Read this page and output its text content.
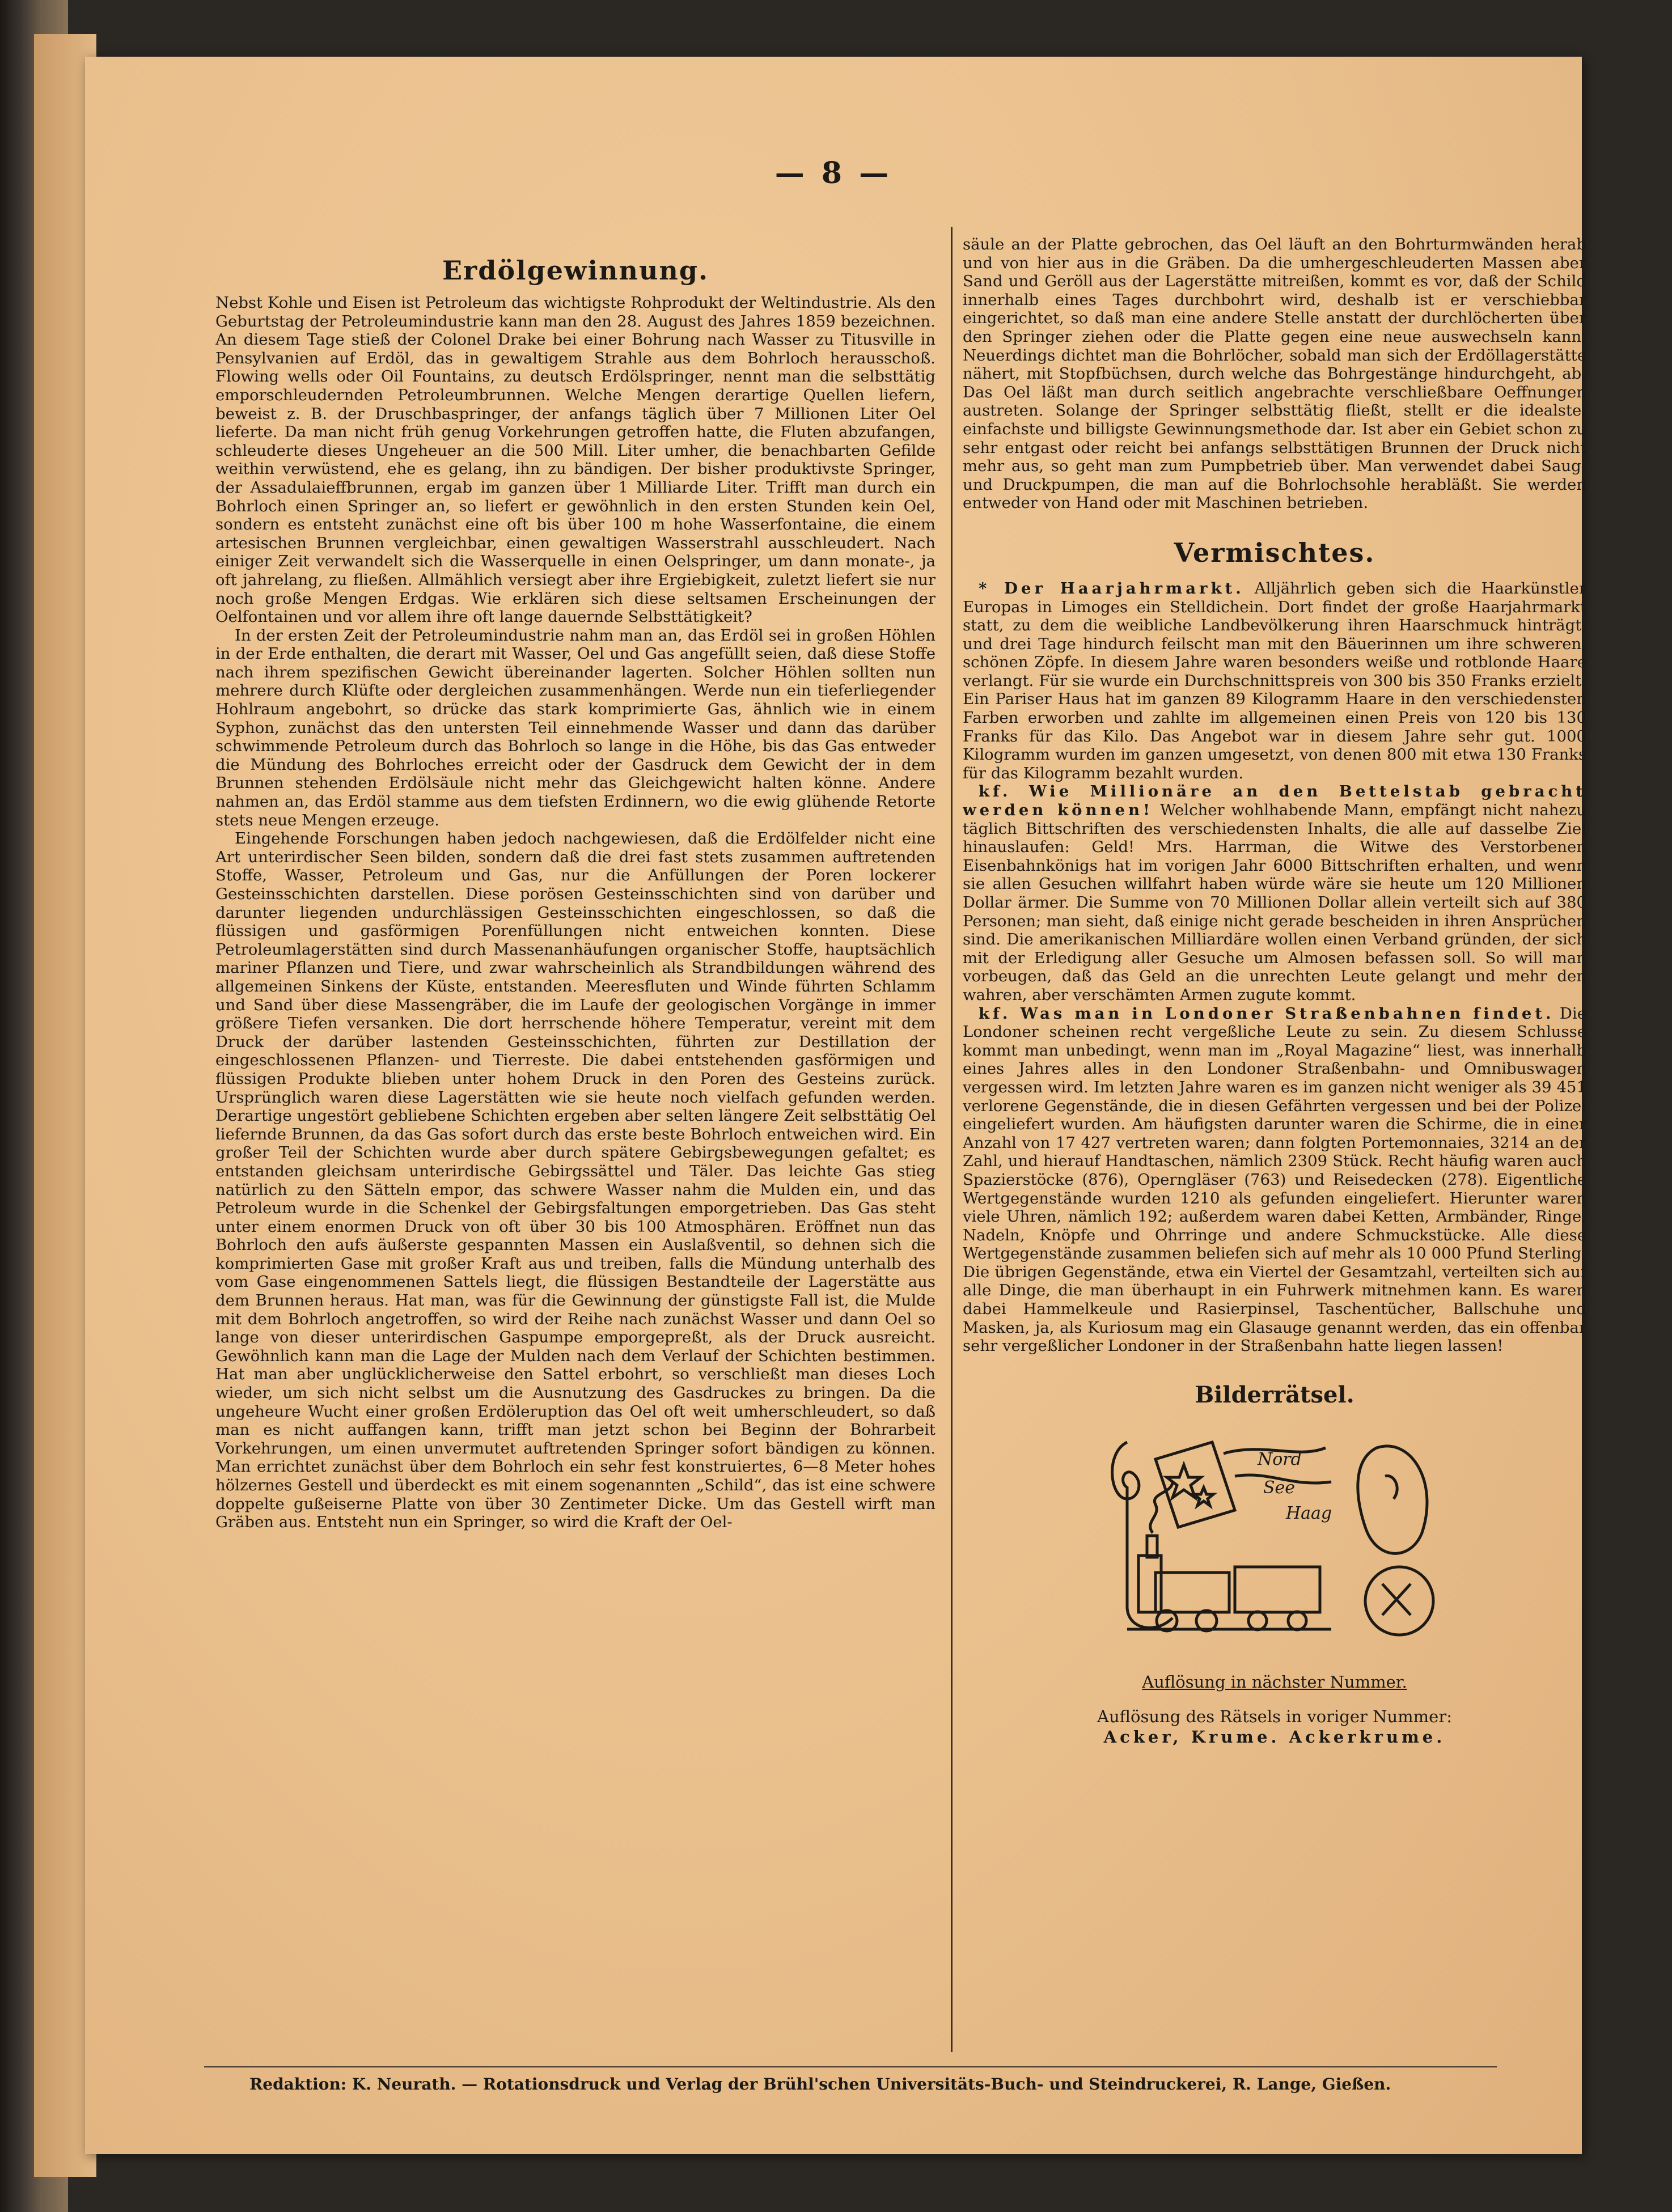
— 8 —
Erdölgewinnung.

Nebst Kohle und Eisen ist Petroleum das wichtigste Rohprodukt der Weltindustrie. Als den Geburtstag der Petroleumindustrie kann man den 28. August des Jahres 1859 bezeichnen. An diesem Tage stieß der Colonel Drake bei einer Bohrung nach Wasser zu Titusville in Pensylvanien auf Erdöl, das in gewaltigem Strahle aus dem Bohrloch herausschoß. Flowing wells oder Oil Fountains, zu deutsch Erdölspringer, nennt man die selbsttätig emporschleudernden Petroleumbrunnen. Welche Mengen derartige Quellen liefern, beweist z. B. der Druschbaspringer, der anfangs täglich über 7 Millionen Liter Oel lieferte. Da man nicht früh genug Vorkehrungen getroffen hatte, die Fluten abzufangen, schleuderte dieses Ungeheuer an die 500 Mill. Liter umher, die benachbarten Gefilde weithin verwüstend, ehe es gelang, ihn zu bändigen. Der bisher produktivste Springer, der Assadulaieffbrunnen, ergab im ganzen über 1 Milliarde Liter. Trifft man durch ein Bohrloch einen Springer an, so liefert er gewöhnlich in den ersten Stunden kein Oel, sondern es entsteht zunächst eine oft bis über 100 m hohe Wasserfontaine, die einem artesischen Brunnen vergleichbar, einen gewaltigen Wasserstrahl ausschleudert. Nach einiger Zeit verwandelt sich die Wasserquelle in einen Oelspringer, um dann monate-, ja oft jahrelang, zu fließen. Allmählich versiegt aber ihre Ergiebigkeit, zuletzt liefert sie nur noch große Mengen Erdgas. Wie erklären sich diese seltsamen Erscheinungen der Oelfontainen und vor allem ihre oft lange dauernde Selbsttätigkeit?

In der ersten Zeit der Petroleumindustrie nahm man an, das Erdöl sei in großen Höhlen in der Erde enthalten, die derart mit Wasser, Oel und Gas angefüllt seien, daß diese Stoffe nach ihrem spezifischen Gewicht übereinander lagerten. Solcher Höhlen sollten nun mehrere durch Klüfte oder dergleichen zusammenhängen. Werde nun ein tieferliegender Hohlraum angebohrt, so drücke das stark komprimierte Gas, ähnlich wie in einem Syphon, zunächst das den untersten Teil einnehmende Wasser und dann das darüber schwimmende Petroleum durch das Bohrloch so lange in die Höhe, bis das Gas entweder die Mündung des Bohrloches erreicht oder der Gasdruck dem Gewicht der in dem Brunnen stehenden Erdölsäule nicht mehr das Gleichgewicht halten könne. Andere nahmen an, das Erdöl stamme aus dem tiefsten Erdinnern, wo die ewig glühende Retorte stets neue Mengen erzeuge.

Eingehende Forschungen haben jedoch nachgewiesen, daß die Erdölfelder nicht eine Art unterirdischer Seen bilden, sondern daß die drei fast stets zusammen auftretenden Stoffe, Wasser, Petroleum und Gas, nur die Anfüllungen der Poren lockerer Gesteinsschichten darstellen. Diese porösen Gesteinsschichten sind von darüber und darunter liegenden undurchlässigen Gesteinsschichten eingeschlossen, so daß die flüssigen und gasförmigen Porenfüllungen nicht entweichen konnten. Diese Petroleumlagerstätten sind durch Massenanhäufungen organischer Stoffe, hauptsächlich mariner Pflanzen und Tiere, und zwar wahrscheinlich als Strandbildungen während des allgemeinen Sinkens der Küste, entstanden. Meeresfluten und Winde führten Schlamm und Sand über diese Massengräber, die im Laufe der geologischen Vorgänge in immer größere Tiefen versanken. Die dort herrschende höhere Temperatur, vereint mit dem Druck der darüber lastenden Gesteinsschichten, führten zur Destillation der eingeschlossenen Pflanzen- und Tierreste. Die dabei entstehenden gasförmigen und flüssigen Produkte blieben unter hohem Druck in den Poren des Gesteins zurück. Ursprünglich waren diese Lagerstätten wie sie heute noch vielfach gefunden werden. Derartige ungestört gebliebene Schichten ergeben aber selten längere Zeit selbsttätig Oel liefernde Brunnen, da das Gas sofort durch das erste beste Bohrloch entweichen wird. Ein großer Teil der Schichten wurde aber durch spätere Gebirgsbewegungen gefaltet; es entstanden gleichsam unterirdische Gebirgssättel und Täler. Das leichte Gas stieg natürlich zu den Sätteln empor, das schwere Wasser nahm die Mulden ein, und das Petroleum wurde in die Schenkel der Gebirgsfaltungen emporgetrieben. Das Gas steht unter einem enormen Druck von oft über 30 bis 100 Atmosphären. Eröffnet nun das Bohrloch den aufs äußerste gespannten Massen ein Auslaßventil, so dehnen sich die komprimierten Gase mit großer Kraft aus und treiben, falls die Mündung unterhalb des vom Gase eingenommenen Sattels liegt, die flüssigen Bestandteile der Lagerstätte aus dem Brunnen heraus. Hat man, was für die Gewinnung der günstigste Fall ist, die Mulde mit dem Bohrloch angetroffen, so wird der Reihe nach zunächst Wasser und dann Oel so lange von dieser unterirdischen Gaspumpe emporgepreßt, als der Druck ausreicht. Gewöhnlich kann man die Lage der Mulden nach dem Verlauf der Schichten bestimmen. Hat man aber unglücklicherweise den Sattel erbohrt, so verschließt man dieses Loch wieder, um sich nicht selbst um die Ausnutzung des Gasdruckes zu bringen. Da die ungeheure Wucht einer großen Erdöleruption das Oel oft weit umherschleudert, so daß man es nicht auffangen kann, trifft man jetzt schon bei Beginn der Bohrarbeit Vorkehrungen, um einen unvermutet auftretenden Springer sofort bändigen zu können. Man errichtet zunächst über dem Bohrloch ein sehr fest konstruiertes, 6—8 Meter hohes hölzernes Gestell und überdeckt es mit einem sogenannten „Schild“, das ist eine schwere doppelte gußeiserne Platte von über 30 Zentimeter Dicke. Um das Gestell wirft man Gräben aus. Entsteht nun ein Springer, so wird die Kraft der Oel-

säule an der Platte gebrochen, das Oel läuft an den Bohrturmwänden herab und von hier aus in die Gräben. Da die umhergeschleuderten Massen aber Sand und Geröll aus der Lagerstätte mitreißen, kommt es vor, daß der Schild innerhalb eines Tages durchbohrt wird, deshalb ist er verschiebbar eingerichtet, so daß man eine andere Stelle anstatt der durchlöcherten über den Springer ziehen oder die Platte gegen eine neue auswechseln kann. Neuerdings dichtet man die Bohrlöcher, sobald man sich der Erdöllagerstätte nähert, mit Stopfbüchsen, durch welche das Bohrgestänge hindurchgeht, ab. Das Oel läßt man durch seitlich angebrachte verschließbare Oeffnungen austreten. Solange der Springer selbsttätig fließt, stellt er die idealste, einfachste und billigste Gewinnungsmethode dar. Ist aber ein Gebiet schon zu sehr entgast oder reicht bei anfangs selbsttätigen Brunnen der Druck nicht mehr aus, so geht man zum Pumpbetrieb über. Man verwendet dabei Saug- und Druckpumpen, die man auf die Bohrlochsohle herabläßt. Sie werden entweder von Hand oder mit Maschinen betrieben.

Vermischtes.

* Der Haarjahrmarkt. Alljährlich geben sich die Haarkünstler Europas in Limoges ein Stelldichein. Dort findet der große Haarjahrmarkt statt, zu dem die weibliche Landbevölkerung ihren Haarschmuck hinträgt, und drei Tage hindurch feilscht man mit den Bäuerinnen um ihre schweren, schönen Zöpfe. In diesem Jahre waren besonders weiße und rotblonde Haare verlangt. Für sie wurde ein Durchschnittspreis von 300 bis 350 Franks erzielt. Ein Pariser Haus hat im ganzen 89 Kilogramm Haare in den verschiedensten Farben erworben und zahlte im allgemeinen einen Preis von 120 bis 130 Franks für das Kilo. Das Angebot war in diesem Jahre sehr gut. 1000 Kilogramm wurden im ganzen umgesetzt, von denen 800 mit etwa 130 Franks für das Kilogramm bezahlt wurden.

kf. Wie Millionäre an den Bettelstab gebracht werden können! Welcher wohlhabende Mann, empfängt nicht nahezu täglich Bittschriften des verschiedensten Inhalts, die alle auf dasselbe Ziel hinauslaufen: Geld! Mrs. Harrman, die Witwe des Verstorbenen Eisenbahnkönigs hat im vorigen Jahr 6000 Bittschriften erhalten, und wenn sie allen Gesuchen willfahrt haben würde wäre sie heute um 120 Millionen Dollar ärmer. Die Summe von 70 Millionen Dollar allein verteilt sich auf 380 Personen; man sieht, daß einige nicht gerade bescheiden in ihren Ansprüchen sind. Die amerikanischen Milliardäre wollen einen Verband gründen, der sich mit der Erledigung aller Gesuche um Almosen befassen soll. So will man vorbeugen, daß das Geld an die unrechten Leute gelangt und mehr den wahren, aber verschämten Armen zugute kommt.

kf. Was man in Londoner Straßenbahnen findet. Die Londoner scheinen recht vergeßliche Leute zu sein. Zu diesem Schlusse kommt man unbedingt, wenn man im „Royal Magazine“ liest, was innerhalb eines Jahres alles in den Londoner Straßenbahn- und Omnibuswagen vergessen wird. Im letzten Jahre waren es im ganzen nicht weniger als 39 451 verlorene Gegenstände, die in diesen Gefährten vergessen und bei der Polizei eingeliefert wurden. Am häufigsten darunter waren die Schirme, die in einer Anzahl von 17 427 vertreten waren; dann folgten Portemonnaies, 3214 an der Zahl, und hierauf Handtaschen, nämlich 2309 Stück. Recht häufig waren auch Spazierstöcke (876), Operngläser (763) und Reisedecken (278). Eigentliche Wertgegenstände wurden 1210 als gefunden eingeliefert. Hierunter waren viele Uhren, nämlich 192; außerdem waren dabei Ketten, Armbänder, Ringe, Nadeln, Knöpfe und Ohrringe und andere Schmuckstücke. Alle diese Wertgegenstände zusammen beliefen sich auf mehr als 10 000 Pfund Sterling. Die übrigen Gegenstände, etwa ein Viertel der Gesamtzahl, verteilten sich auf alle Dinge, die man überhaupt in ein Fuhrwerk mitnehmen kann. Es waren dabei Hammelkeule und Rasierpinsel, Taschentücher, Ballschuhe und Masken, ja, als Kuriosum mag ein Glasauge genannt werden, das ein offenbar sehr vergeßlicher Londoner in der Straßenbahn hatte liegen lassen!

Bilderrätsel.
Nord
See
Haag
Auflösung in nächster Nummer.
Auflösung des Rätsels in voriger Nummer:
Acker, Krume. Ackerkrume.
Redaktion: K. Neurath. — Rotationsdruck und Verlag der Brühl'schen Universitäts-Buch- und Steindruckerei, R. Lange, Gießen.
